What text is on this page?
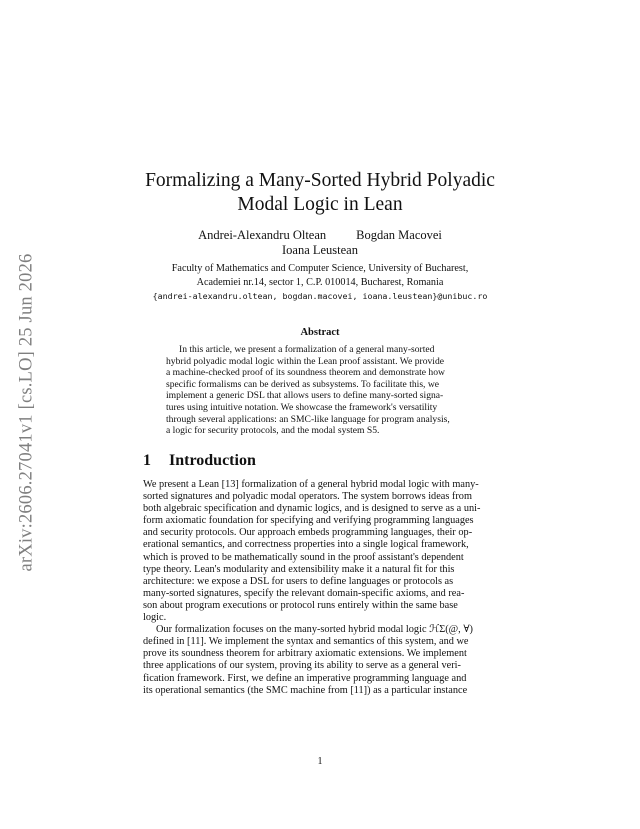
arXiv:2606.27041v1 [cs.LO] 25 Jun 2026
Formalizing a Many-Sorted Hybrid Polyadic
Modal Logic in Lean
Andrei-Alexandru Oltean Bogdan Macovei
Ioana Leustean
Faculty of Mathematics and Computer Science, University of Bucharest,
Academiei nr.14, sector 1, C.P. 010014, Bucharest, Romania
{andrei-alexandru.oltean, bogdan.macovei, ioana.leustean}@unibuc.ro
Abstract
In this article, we present a formalization of a general many-sorted
hybrid polyadic modal logic within the Lean proof assistant. We provide
a machine-checked proof of its soundness theorem and demonstrate how
specific formalisms can be derived as subsystems. To facilitate this, we
implement a generic DSL that allows users to define many-sorted signa-
tures using intuitive notation. We showcase the framework's versatility
through several applications: an SMC-like language for program analysis,
a logic for security protocols, and the modal system S5.
1 Introduction
We present a Lean [13] formalization of a general hybrid modal logic with many-
sorted signatures and polyadic modal operators. The system borrows ideas from
both algebraic specification and dynamic logics, and is designed to serve as a uni-
form axiomatic foundation for specifying and verifying programming languages
and security protocols. Our approach embeds programming languages, their op-
erational semantics, and correctness properties into a single logical framework,
which is proved to be mathematically sound in the proof assistant's dependent
type theory. Lean's modularity and extensibility make it a natural fit for this
architecture: we expose a DSL for users to define languages or protocols as
many-sorted signatures, specify the relevant domain-specific axioms, and rea-
son about program executions or protocol runs entirely within the same base
logic.
Our formalization focuses on the many-sorted hybrid modal logic ℋΣ(@, ∀)
defined in [11]. We implement the syntax and semantics of this system, and we
prove its soundness theorem for arbitrary axiomatic extensions. We implement
three applications of our system, proving its ability to serve as a general veri-
fication framework. First, we define an imperative programming language and
its operational semantics (the SMC machine from [11]) as a particular instance
1
